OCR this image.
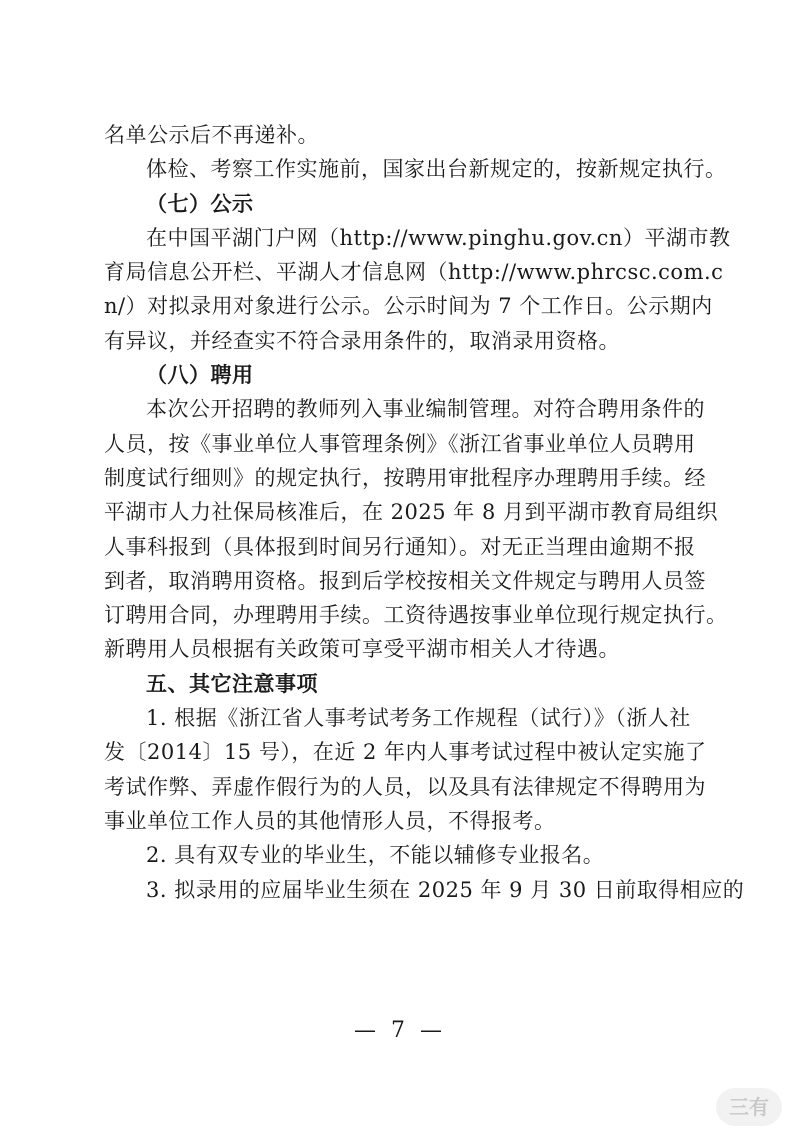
名单公示后不再递补。
体检、考察工作实施前，国家出台新规定的，按新规定执行。
（七）公示
在中国平湖门户网（http://www.pinghu.gov.cn）平湖市教
育局信息公开栏、平湖人才信息网（http://www.phrcsc.com.c
n/）对拟录用对象进行公示。公示时间为 7 个工作日。公示期内
有异议，并经查实不符合录用条件的，取消录用资格。
（八）聘用
本次公开招聘的教师列入事业编制管理。对符合聘用条件的
人员，按《事业单位人事管理条例》《浙江省事业单位人员聘用
制度试行细则》的规定执行，按聘用审批程序办理聘用手续。经
平湖市人力社保局核准后，在 2025 年 8 月到平湖市教育局组织
人事科报到（具体报到时间另行通知）。对无正当理由逾期不报
到者，取消聘用资格。报到后学校按相关文件规定与聘用人员签
订聘用合同，办理聘用手续。工资待遇按事业单位现行规定执行。
新聘用人员根据有关政策可享受平湖市相关人才待遇。
五、其它注意事项
1. 根据《浙江省人事考试考务工作规程（试行）》（浙人社
发〔2014〕15 号），在近 2 年内人事考试过程中被认定实施了
考试作弊、弄虚作假行为的人员，以及具有法律规定不得聘用为
事业单位工作人员的其他情形人员，不得报考。
2. 具有双专业的毕业生，不能以辅修专业报名。
3. 拟录用的应届毕业生须在 2025 年 9 月 30 日前取得相应的
— 7 —
三有
